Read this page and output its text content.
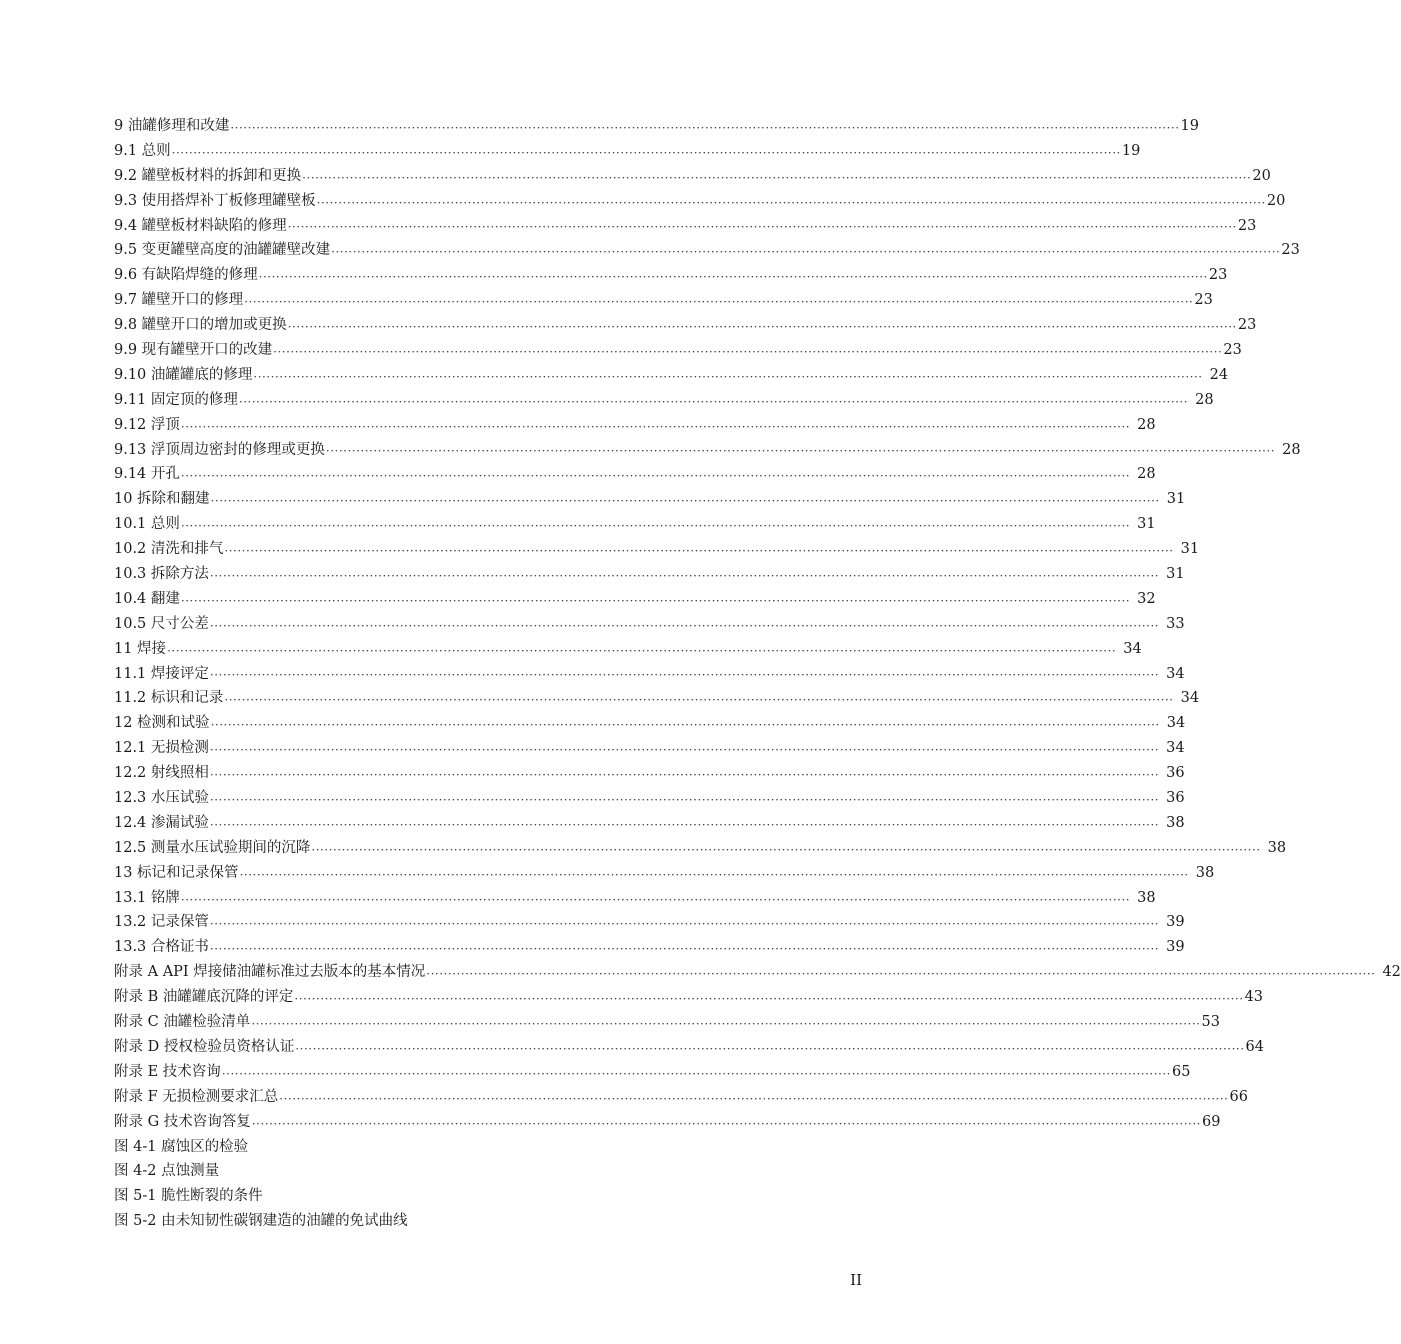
9 油罐修理和改建 ···························································································································································································································· 19
9.1 总则 ···························································································································································································································· 19
9.2 罐壁板材料的拆卸和更换 ···························································································································································································································· 20
9.3 使用搭焊补丁板修理罐壁板 ···························································································································································································································· 20
9.4 罐壁板材料缺陷的修理 ···························································································································································································································· 23
9.5 变更罐壁高度的油罐罐壁改建 ···························································································································································································································· 23
9.6 有缺陷焊缝的修理 ···························································································································································································································· 23
9.7 罐壁开口的修理 ···························································································································································································································· 23
9.8 罐壁开口的增加或更换 ···························································································································································································································· 23
9.9 现有罐壁开口的改建 ···························································································································································································································· 23
9.10 油罐罐底的修理 ···························································································································································································································· 24
9.11 固定顶的修理 ···························································································································································································································· 28
9.12 浮顶 ···························································································································································································································· 28
9.13 浮顶周边密封的修理或更换 ···························································································································································································································· 28
9.14 开孔 ···························································································································································································································· 28
10 拆除和翻建 ···························································································································································································································· 31
10.1 总则 ···························································································································································································································· 31
10.2 清洗和排气 ···························································································································································································································· 31
10.3 拆除方法 ···························································································································································································································· 31
10.4 翻建 ···························································································································································································································· 32
10.5 尺寸公差 ···························································································································································································································· 33
11 焊接 ···························································································································································································································· 34
11.1 焊接评定 ···························································································································································································································· 34
11.2 标识和记录 ···························································································································································································································· 34
12 检测和试验 ···························································································································································································································· 34
12.1 无损检测 ···························································································································································································································· 34
12.2 射线照相 ···························································································································································································································· 36
12.3 水压试验 ···························································································································································································································· 36
12.4 渗漏试验 ···························································································································································································································· 38
12.5 测量水压试验期间的沉降 ···························································································································································································································· 38
13 标记和记录保管 ···························································································································································································································· 38
13.1 铭牌 ···························································································································································································································· 38
13.2 记录保管 ···························································································································································································································· 39
13.3 合格证书 ···························································································································································································································· 39
附录 A API 焊接储油罐标准过去版本的基本情况 ···························································································································································································································· 42
附录 B 油罐罐底沉降的评定 ···························································································································································································································· 43
附录 C 油罐检验清单 ···························································································································································································································· 53
附录 D 授权检验员资格认证 ···························································································································································································································· 64
附录 E 技术咨询 ···························································································································································································································· 65
附录 F 无损检测要求汇总 ···························································································································································································································· 66
附录 G 技术咨询答复 ···························································································································································································································· 69
图 4-1 腐蚀区的检验
图 4-2 点蚀测量
图 5-1 脆性断裂的条件
图 5-2 由未知韧性碳钢建造的油罐的免试曲线
II
